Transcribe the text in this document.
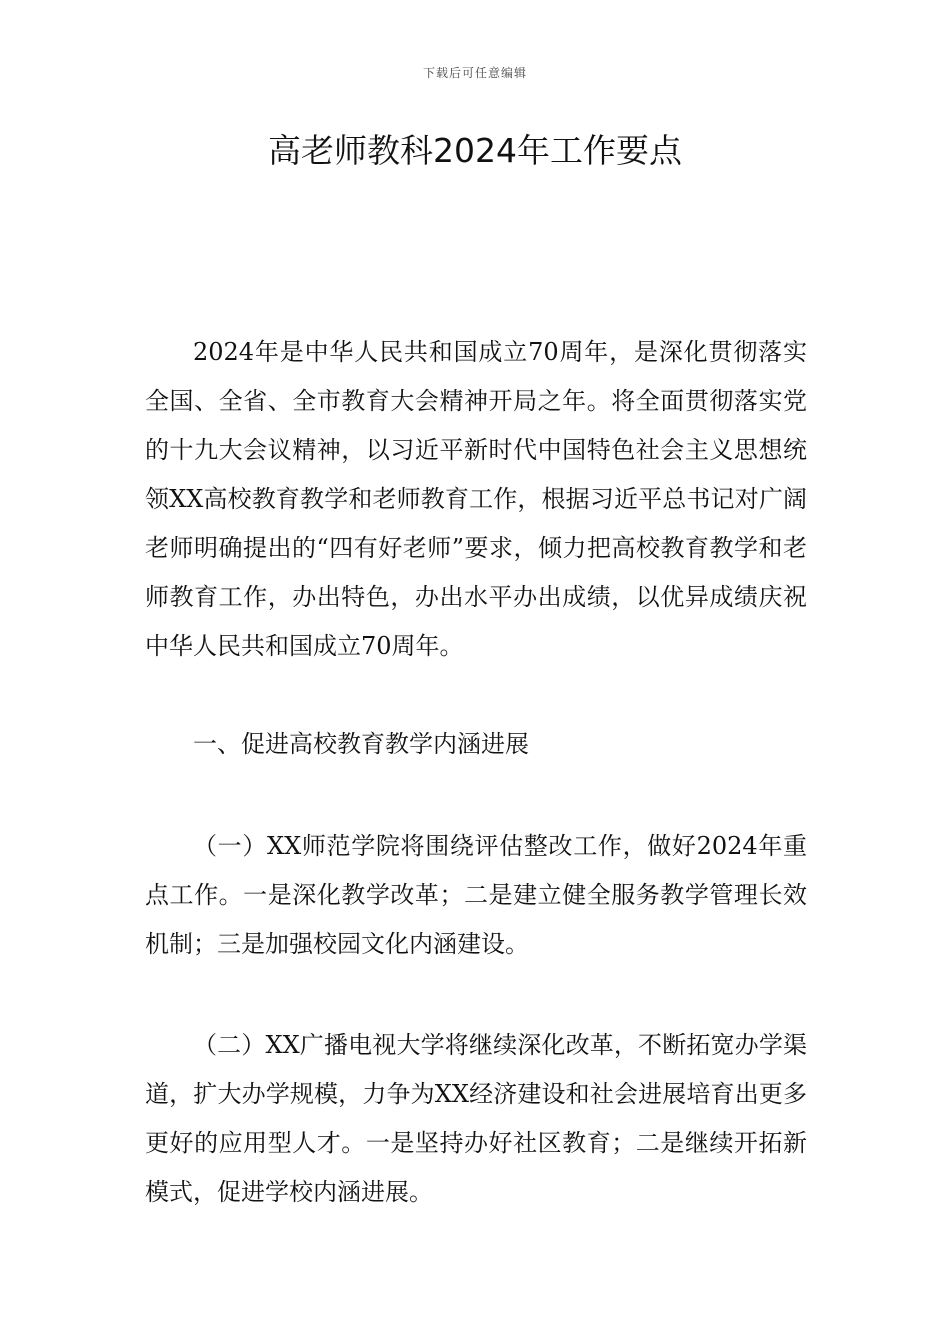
下载后可任意编辑
高老师教科2024年工作要点

2024年是中华人民共和国成立70周年，是深化贯彻落实全国、全省、全市教育大会精神开局之年。将全面贯彻落实党的十九大会议精神，以习近平新时代中国特色社会主义思想统领XX高校教育教学和老师教育工作，根据习近平总书记对广阔老师明确提出的“四有好老师”要求，倾力把高校教育教学和老师教育工作，办出特色，办出水平办出成绩，以优异成绩庆祝中华人民共和国成立70周年。

一、促进高校教育教学内涵进展

（一）XX师范学院将围绕评估整改工作，做好2024年重点工作。一是深化教学改革；二是建立健全服务教学管理长效机制；三是加强校园文化内涵建设。

（二）XX广播电视大学将继续深化改革，不断拓宽办学渠道，扩大办学规模，力争为XX经济建设和社会进展培育出更多更好的应用型人才。一是坚持办好社区教育；二是继续开拓新模式，促进学校内涵进展。
